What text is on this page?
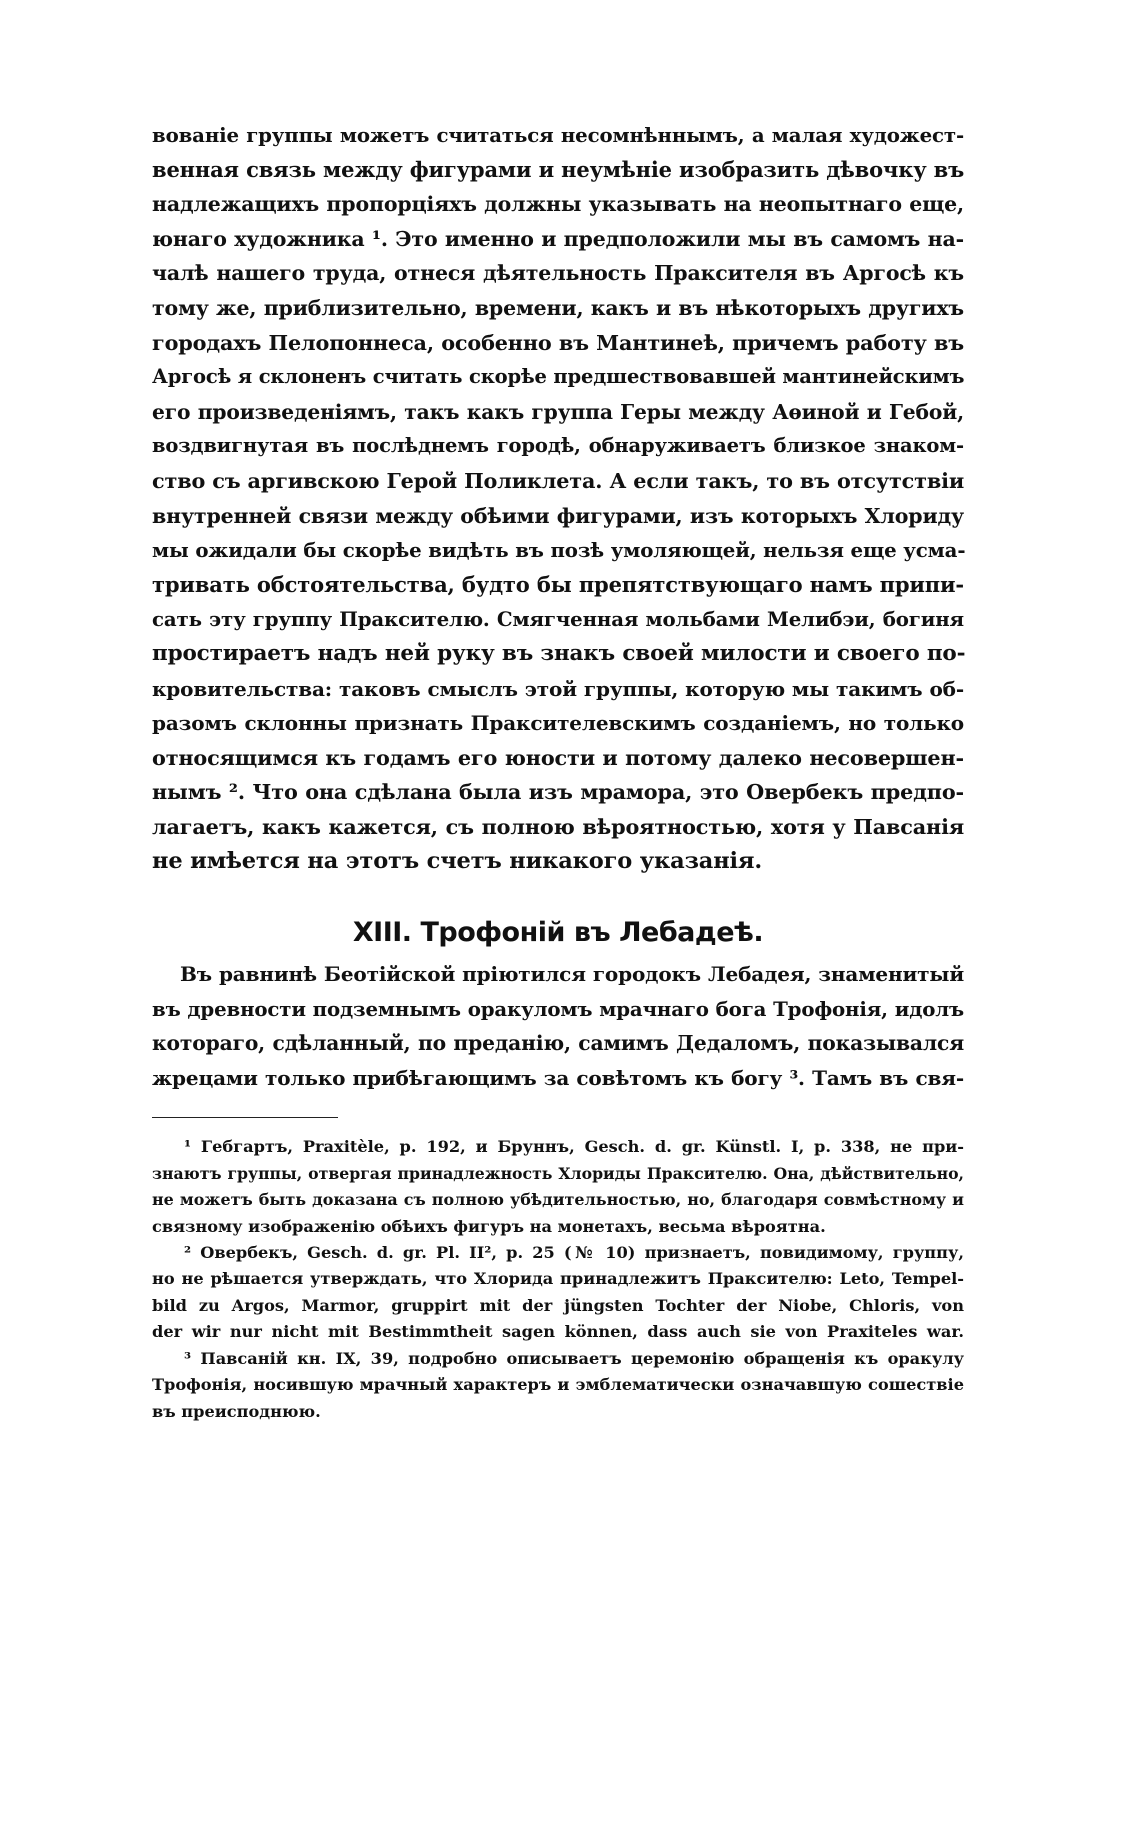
вованіе группы можетъ считаться несомнѣннымъ, а малая художест-
венная связь между фигурами и неумѣніе изобразить дѣвочку въ
надлежащихъ пропорціяхъ должны указывать на неопытнаго еще,
юнаго художника ¹. Это именно и предположили мы въ самомъ на-
чалѣ нашего труда, отнеся дѣятельность Праксителя въ Аргосѣ къ
тому же, приблизительно, времени, какъ и въ нѣкоторыхъ другихъ
городахъ Пелопоннеса, особенно въ Мантинеѣ, причемъ работу въ
Аргосѣ я склоненъ считать скорѣе предшествовавшей мантинейскимъ
его произведеніямъ, такъ какъ группа Геры между Аѳиной и Гебой,
воздвигнутая въ послѣднемъ городѣ, обнаруживаетъ близкое знаком-
ство съ аргивскою Герой Поликлета. А если такъ, то въ отсутствіи
внутренней связи между обѣими фигурами, изъ которыхъ Хлориду
мы ожидали бы скорѣе видѣть въ позѣ умоляющей, нельзя еще усма-
тривать обстоятельства, будто бы препятствующаго намъ припи-
сать эту группу Праксителю. Смягченная мольбами Мелибэи, богиня
простираетъ надъ ней руку въ знакъ своей милости и своего по-
кровительства: таковъ смыслъ этой группы, которую мы такимъ об-
разомъ склонны признать Праксителевскимъ созданіемъ, но только
относящимся къ годамъ его юности и потому далеко несовершен-
нымъ ². Что она сдѣлана была изъ мрамора, это Овербекъ предпо-
лагаетъ, какъ кажется, съ полною вѣроятностью, хотя у Павсанія
не имѣется на этотъ счетъ никакого указанія.

XIII. Трофоній въ Лебадеѣ.

Въ равнинѣ Беотійской пріютился городокъ Лебадея, знаменитый
въ древности подземнымъ оракуломъ мрачнаго бога Трофонія, идолъ
котораго, сдѣланный, по преданію, самимъ Дедаломъ, показывался
жрецами только прибѣгающимъ за совѣтомъ къ богу ³. Тамъ въ свя-

¹ Гебгартъ, Praxitèle, p. 192, и Бруннъ, Gesch. d. gr. Künstl. I, p. 338, не при-
знаютъ группы, отвергая принадлежность Хлориды Праксителю. Она, дѣйствительно,
не можетъ быть доказана съ полною убѣдительностью, но, благодаря совмѣстному и
связному изображенію обѣихъ фигуръ на монетахъ, весьма вѣроятна.
² Овербекъ, Gesch. d. gr. Pl. II², p. 25 (№ 10) признаетъ, повидимому, группу,
но не рѣшается утверждать, что Хлорида принадлежитъ Праксителю: Leto, Tempel-
bild zu Argos, Marmor, gruppirt mit der jüngsten Tochter der Niobe, Chloris, von
der wir nur nicht mit Bestimmtheit sagen können, dass auch sie von Praxiteles war.
³ Павсаній кн. IX, 39, подробно описываетъ церемонію обращенія къ оракулу
Трофонія, носившую мрачный характеръ и эмблематически означавшую сошествіе
въ преисподнюю.
